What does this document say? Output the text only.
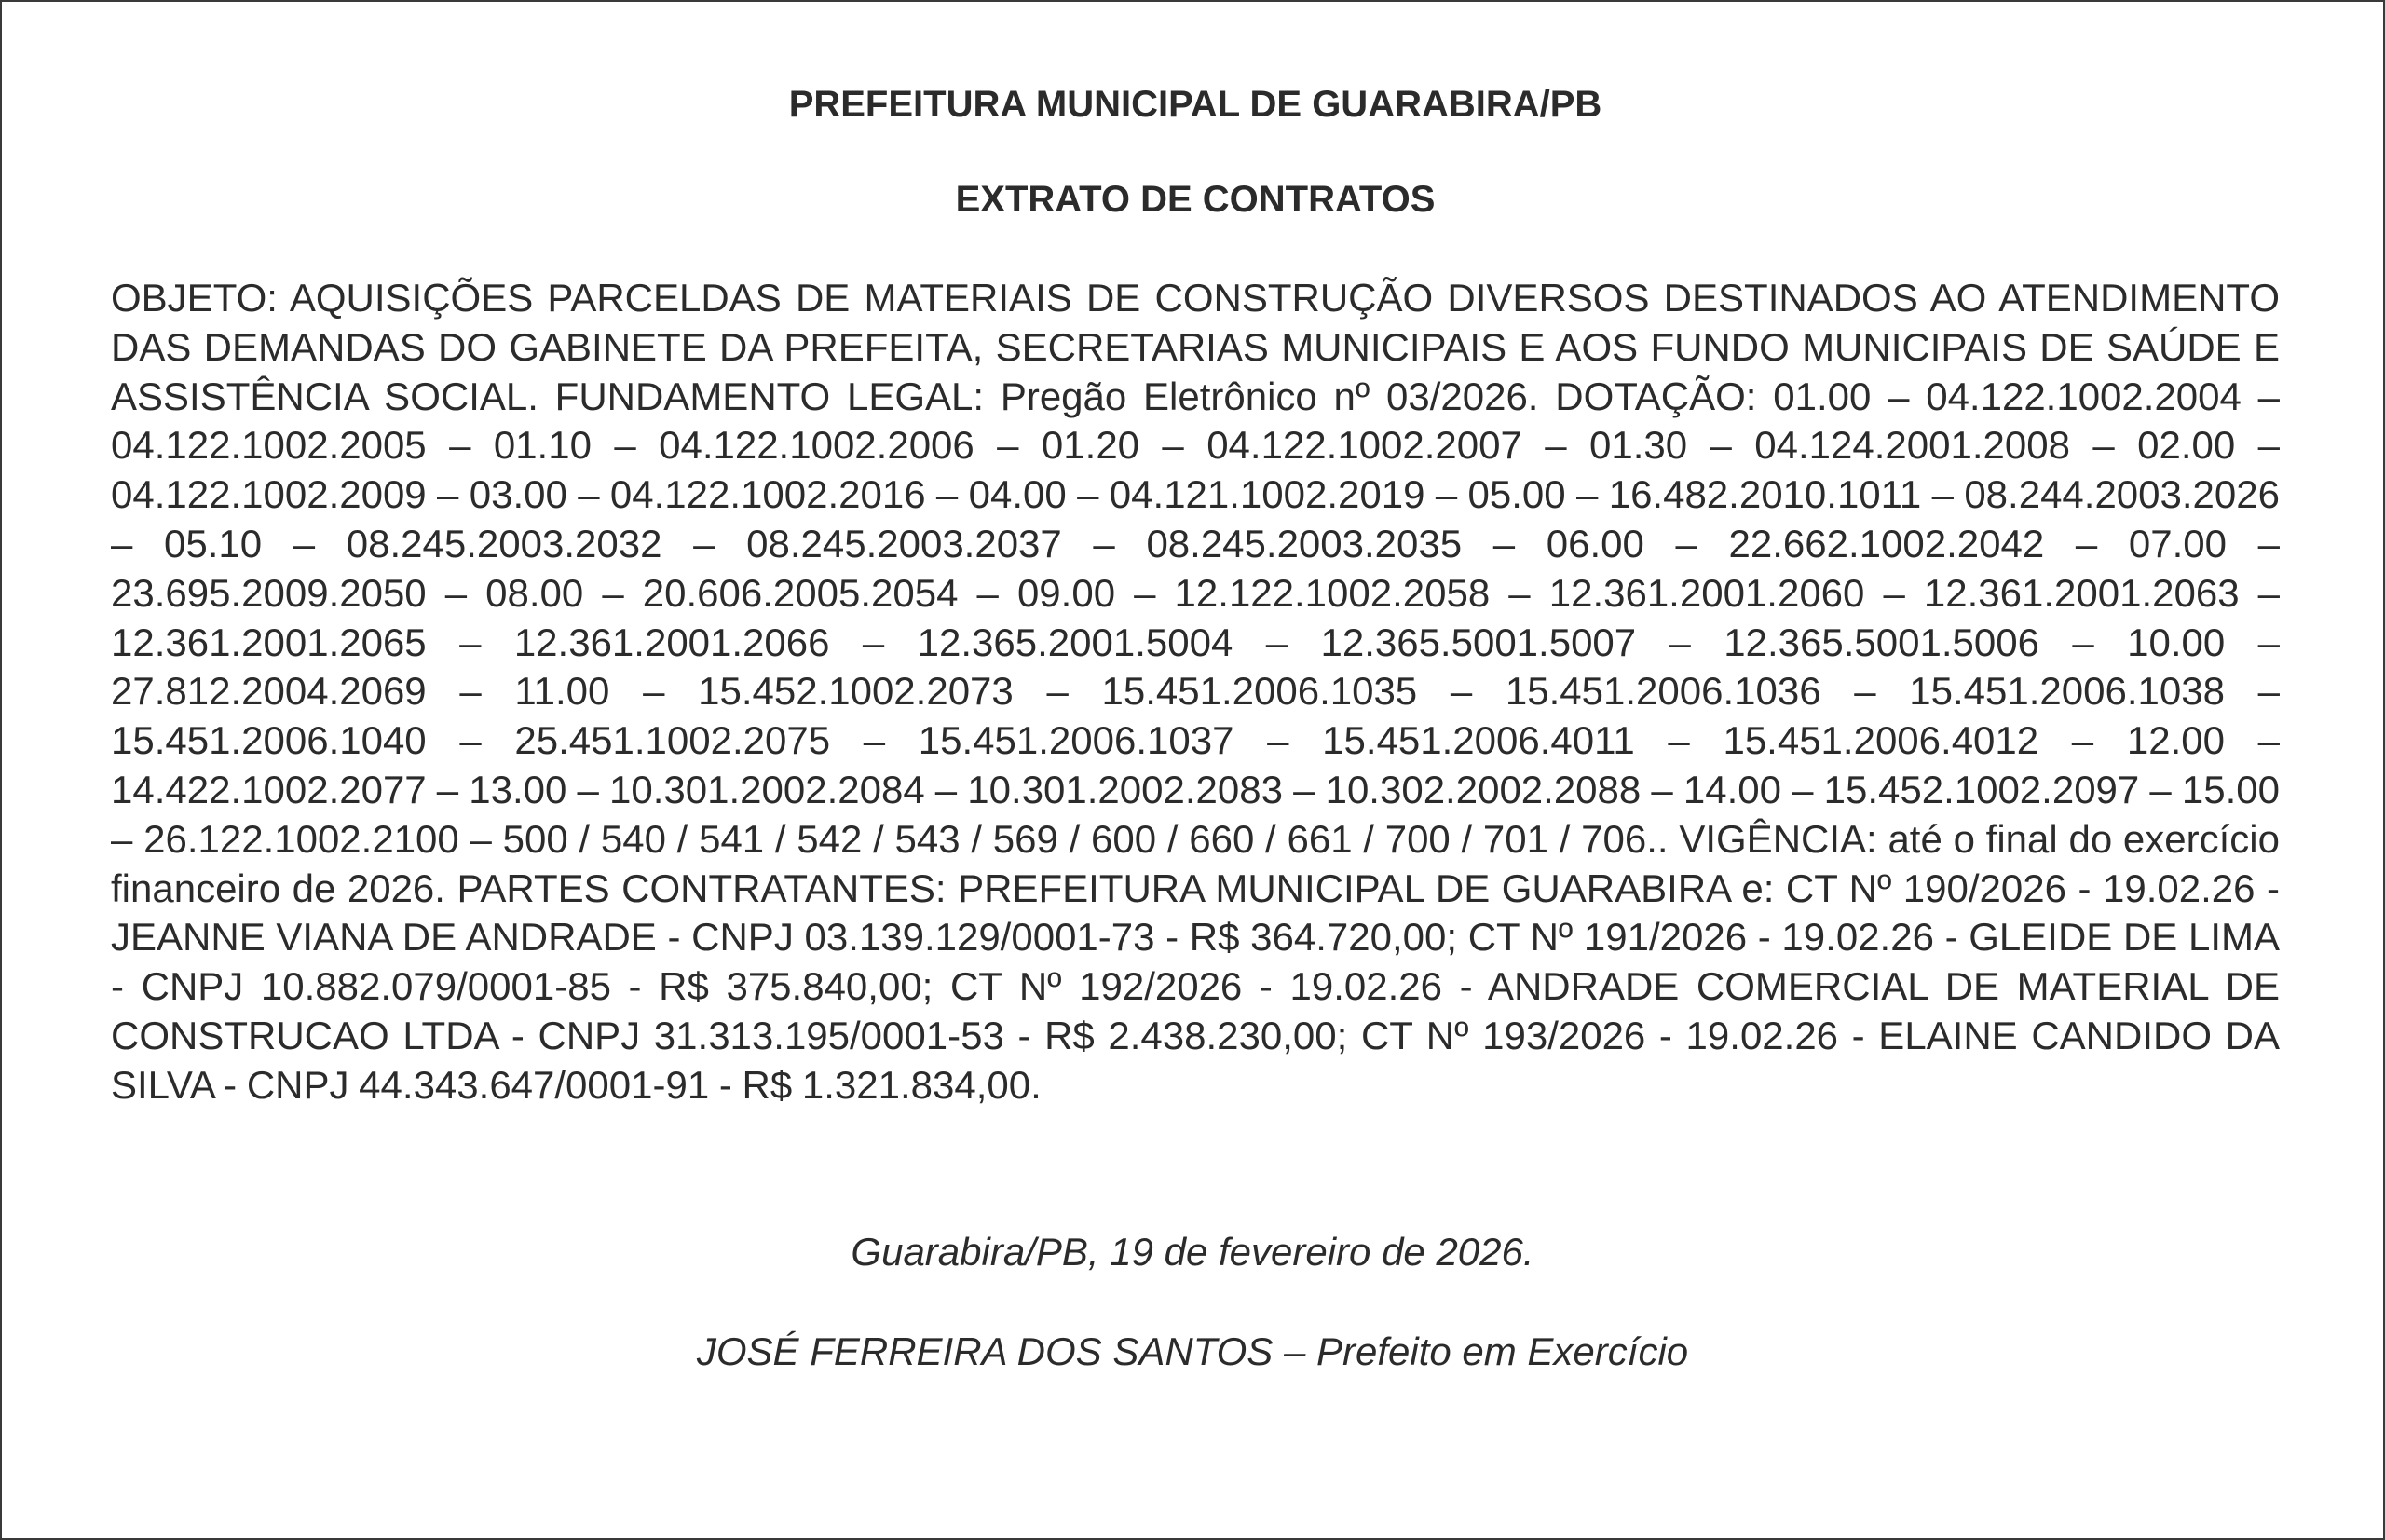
PREFEITURA MUNICIPAL DE GUARABIRA/PB

EXTRATO DE CONTRATOS

OBJETO: AQUISIÇÕES PARCELDAS DE MATERIAIS DE CONSTRUÇÃO DIVERSOS DESTINADOS AO ATENDIMENTO DAS DEMANDAS DO GABINETE DA PREFEITA, SECRETARIAS MUNICIPAIS E AOS FUNDO MUNICIPAIS DE SAÚDE E ASSISTÊNCIA SOCIAL. FUNDAMENTO LEGAL: Pregão Eletrônico nº 03/2026. DOTAÇÃO: 01.00 – 04.122.1002.2004 – 04.122.1002.2005 – 01.10 – 04.122.1002.2006 – 01.20 – 04.122.1002.2007 – 01.30 – 04.124.2001.2008 – 02.00 – 04.122.1002.2009 – 03.00 – 04.122.1002.2016 – 04.00 – 04.121.1002.2019 – 05.00 – 16.482.2010.1011 – 08.244.2003.2026 – 05.10 – 08.245.2003.2032 – 08.245.2003.2037 – 08.245.2003.2035 – 06.00 – 22.662.1002.2042 – 07.00 – 23.695.2009.2050 – 08.00 – 20.606.2005.2054 – 09.00 – 12.122.1002.2058 – 12.361.2001.2060 – 12.361.2001.2063 – 12.361.2001.2065 – 12.361.2001.2066 – 12.365.2001.5004 – 12.365.5001.5007 – 12.365.5001.5006 – 10.00 – 27.812.2004.2069 – 11.00 – 15.452.1002.2073 – 15.451.2006.1035 – 15.451.2006.1036 – 15.451.2006.1038 – 15.451.2006.1040 – 25.451.1002.2075 – 15.451.2006.1037 – 15.451.2006.4011 – 15.451.2006.4012 – 12.00 – 14.422.1002.2077 – 13.00 – 10.301.2002.2084 – 10.301.2002.2083 – 10.302.2002.2088 – 14.00 – 15.452.1002.2097 – 15.00 – 26.122.1002.2100 – 500 / 540 / 541 / 542 / 543 / 569 / 600 / 660 / 661 / 700 / 701 / 706.. VIGÊNCIA: até o final do exercício financeiro de 2026. PARTES CONTRATANTES: PREFEITURA MUNICIPAL DE GUARABIRA e: CT Nº 190/2026 - 19.02.26 - JEANNE VIANA DE ANDRADE - CNPJ 03.139.129/0001-73 - R$ 364.720,00; CT Nº 191/2026 - 19.02.26 - GLEIDE DE LIMA - CNPJ 10.882.079/0001-85 - R$ 375.840,00; CT Nº 192/2026 - 19.02.26 - ANDRADE COMERCIAL DE MATERIAL DE CONSTRUCAO LTDA - CNPJ 31.313.195/0001-53 - R$ 2.438.230,00; CT Nº 193/2026 - 19.02.26 - ELAINE CANDIDO DA SILVA - CNPJ 44.343.647/0001-91 - R$ 1.321.834,00.

Guarabira/PB, 19 de fevereiro de 2026.
JOSÉ FERREIRA DOS SANTOS – Prefeito em Exercício
